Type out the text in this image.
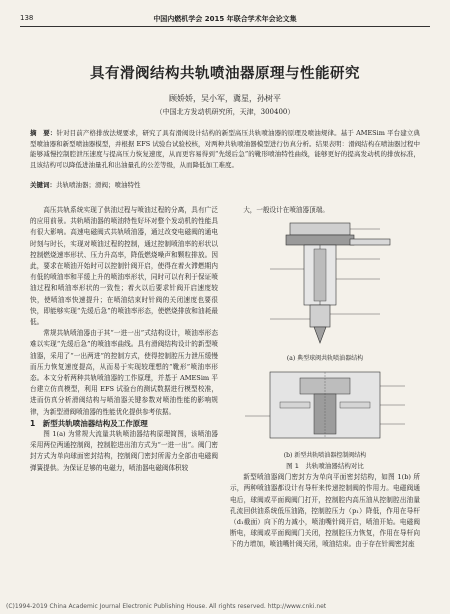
138	中国内燃机学会 2015 年联合学术年会论文集
具有滑阀结构共轨喷油器原理与性能研究
顾娇娇，吴小军，冀星，孙树平
（中国北方发动机研究所，天津，300400）
摘　要：针对目前产格排放法规要求，研究了具有滑阀设计结构的新型高压共轨喷油器的原理及喷油规律。基于 AMESim 平台建立典型喷油器和新型喷油器模型，并根据 EFS 试验台试验校核，对两种共轨喷油器模型进行仿真分析。结果表明：滑阀结构在喷油器过程中能够减慢控制腔泄压速度与提高压力恢复速度，从而更容易得到“先缓后急”的靴形喷油特性曲线，能够更好的提高发动机的排放标准，且该结构可以降低进油量孔和出油量孔的公差等级，从而降低加工难度。
关键词：共轨喷油器；滑阀；喷油特性

高压共轨系统实现了供油过程与喷油过程的分离，具有广泛的应用前景。共轨喷油器的喷油特性好坏对整个发动机的性能具有很大影响。高速电磁阀式共轨喷油器，通过改变电磁阀的通电时刻与时长，实现对喷油过程的控制，通过控制喷油率的形状以控制燃烧速率形状、压力升高率，降低燃烧噪声和颗粒排放。因此，要求在喷油开始时可以控制针阀开启，使得在着火滞燃期内有低的喷油率和平缓上升的喷油率形状，同时可以有利于保证喷油过程和喷油率形状的一致性；着火以后要求针阀开启速度较快，使喷油率快速提升；在喷油结束时针阀的关闭速度也要很快，即能够实现“先缓后急”的喷油率形态，使燃烧排放和油耗最低。

常规共轨喷油器由于其“一进一出”式结构设计，喷油率形态难以实现“先缓后急”的喷油率曲线。具有滑阀结构设计的新型喷油器，采用了“一出两进”的控制方式，使得控制腔压力泄压缓慢而压力恢复速度提高，从而易于实现较理想的“靴形”喷油率形态。本文分析两种共轨喷油器的工作原理，并基于 AMESim 平台建立仿真模型，利用 EFS 试验台的测试数据进行模型校准，进而仿真分析滑阀结构与喷油器关键参数对喷油性能的影响规律，为新型滑阀喷油器的性能优化提供参考依据。

1　新型共轨喷油器结构及工作原理

图 1(a) 为常规大流量共轨喷油器结构原理简图，该喷油器采用两位两通控制阀，控制腔进出油方式为“一进一出”。阀门密封方式为单向球面密封结构，控制阀门密封所需力全部由电磁阀弹簧提供。为保证足够的电磁力，喷油器电磁阀体积较

大，一般设计在喷油器顶端。

(a) 典型球阀共轨喷油器结构

(b) 新型共轨喷油器控制阀结构

图 1　共轨喷油器结构对比

新型喷油器阀门密封方为单向平面密封结构，如图 1(b) 所示，两种喷油器都设计有导杆来传递控制阀的作用力。电磁阀通电后，球阀或平面阀阀门打开，控制腔内高压油从控制腔出油量孔流回供油系统低压油路，控制腔压力（p₁）降低，作用在导杆（d₁截面）向下的力减小，喷油嘴针阀开启，喷油开始。电磁阀断电，球阀或平面阀阀门关闭，控制腔压力恢复，作用在导杆向下的力增加，喷油嘴针阀关闭，喷油结束。由于存在针阀密封座

(C)1994-2019 China Academic Journal Electronic Publishing House. All rights reserved. http://www.cnki.net
